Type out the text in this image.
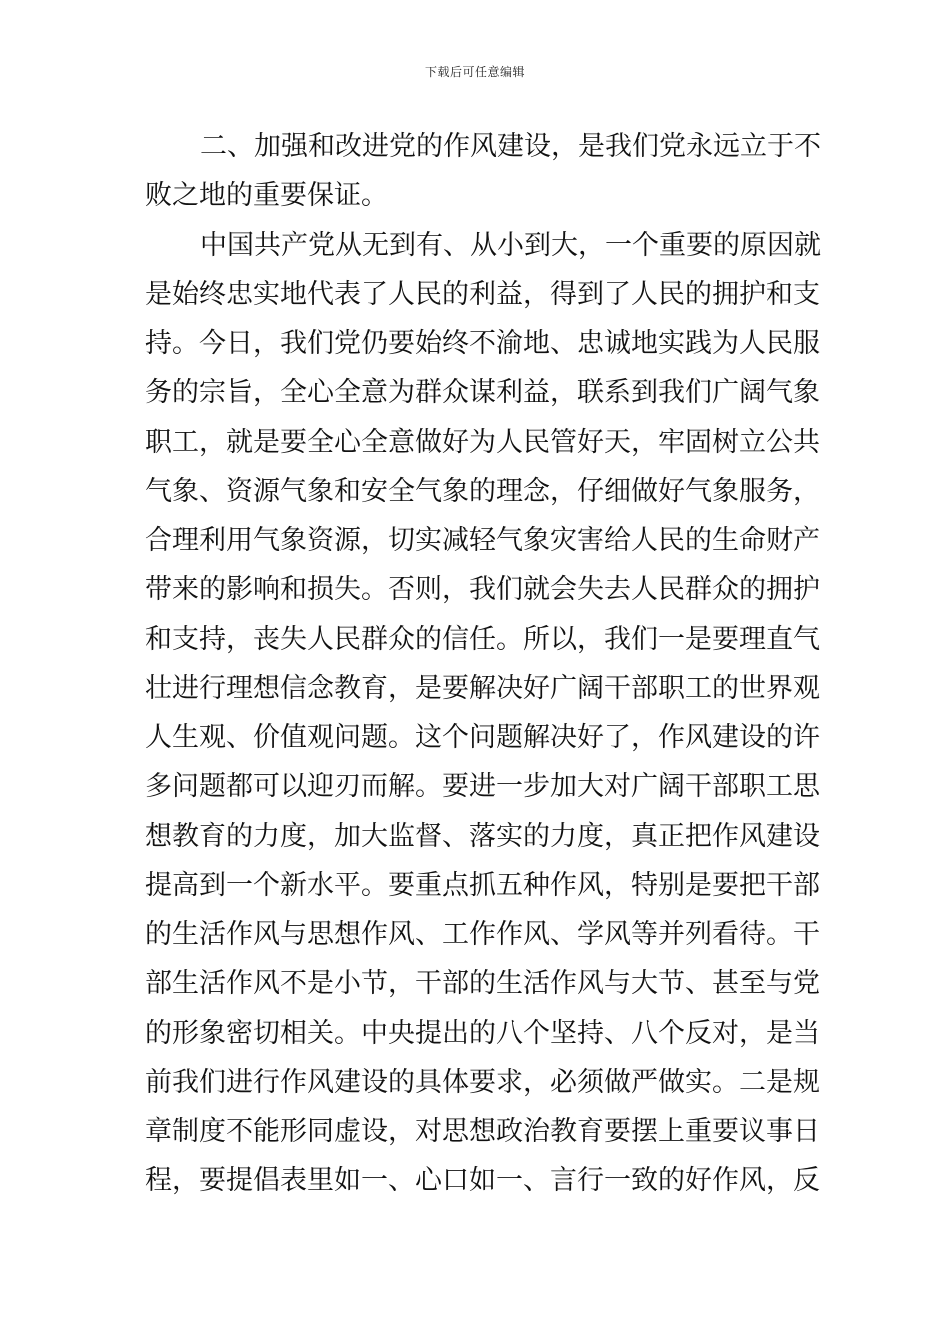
下载后可任意编辑
二、加强和改进党的作风建设，是我们党永远立于不
败之地的重要保证。
中国共产党从无到有、从小到大，一个重要的原因就
是始终忠实地代表了人民的利益，得到了人民的拥护和支
持。今日，我们党仍要始终不渝地、忠诚地实践为人民服
务的宗旨，全心全意为群众谋利益，联系到我们广阔气象
职工，就是要全心全意做好为人民管好天，牢固树立公共
气象、资源气象和安全气象的理念，仔细做好气象服务，
合理利用气象资源，切实减轻气象灾害给人民的生命财产
带来的影响和损失。否则，我们就会失去人民群众的拥护
和支持，丧失人民群众的信任。所以，我们一是要理直气
壮进行理想信念教育，是要解决好广阔干部职工的世界观
人生观、价值观问题。这个问题解决好了，作风建设的许
多问题都可以迎刃而解。要进一步加大对广阔干部职工思
想教育的力度，加大监督、落实的力度，真正把作风建设
提高到一个新水平。要重点抓五种作风，特别是要把干部
的生活作风与思想作风、工作作风、学风等并列看待。干
部生活作风不是小节，干部的生活作风与大节、甚至与党
的形象密切相关。中央提出的八个坚持、八个反对，是当
前我们进行作风建设的具体要求，必须做严做实。二是规
章制度不能形同虚设，对思想政治教育要摆上重要议事日
程，要提倡表里如一、心口如一、言行一致的好作风，反
